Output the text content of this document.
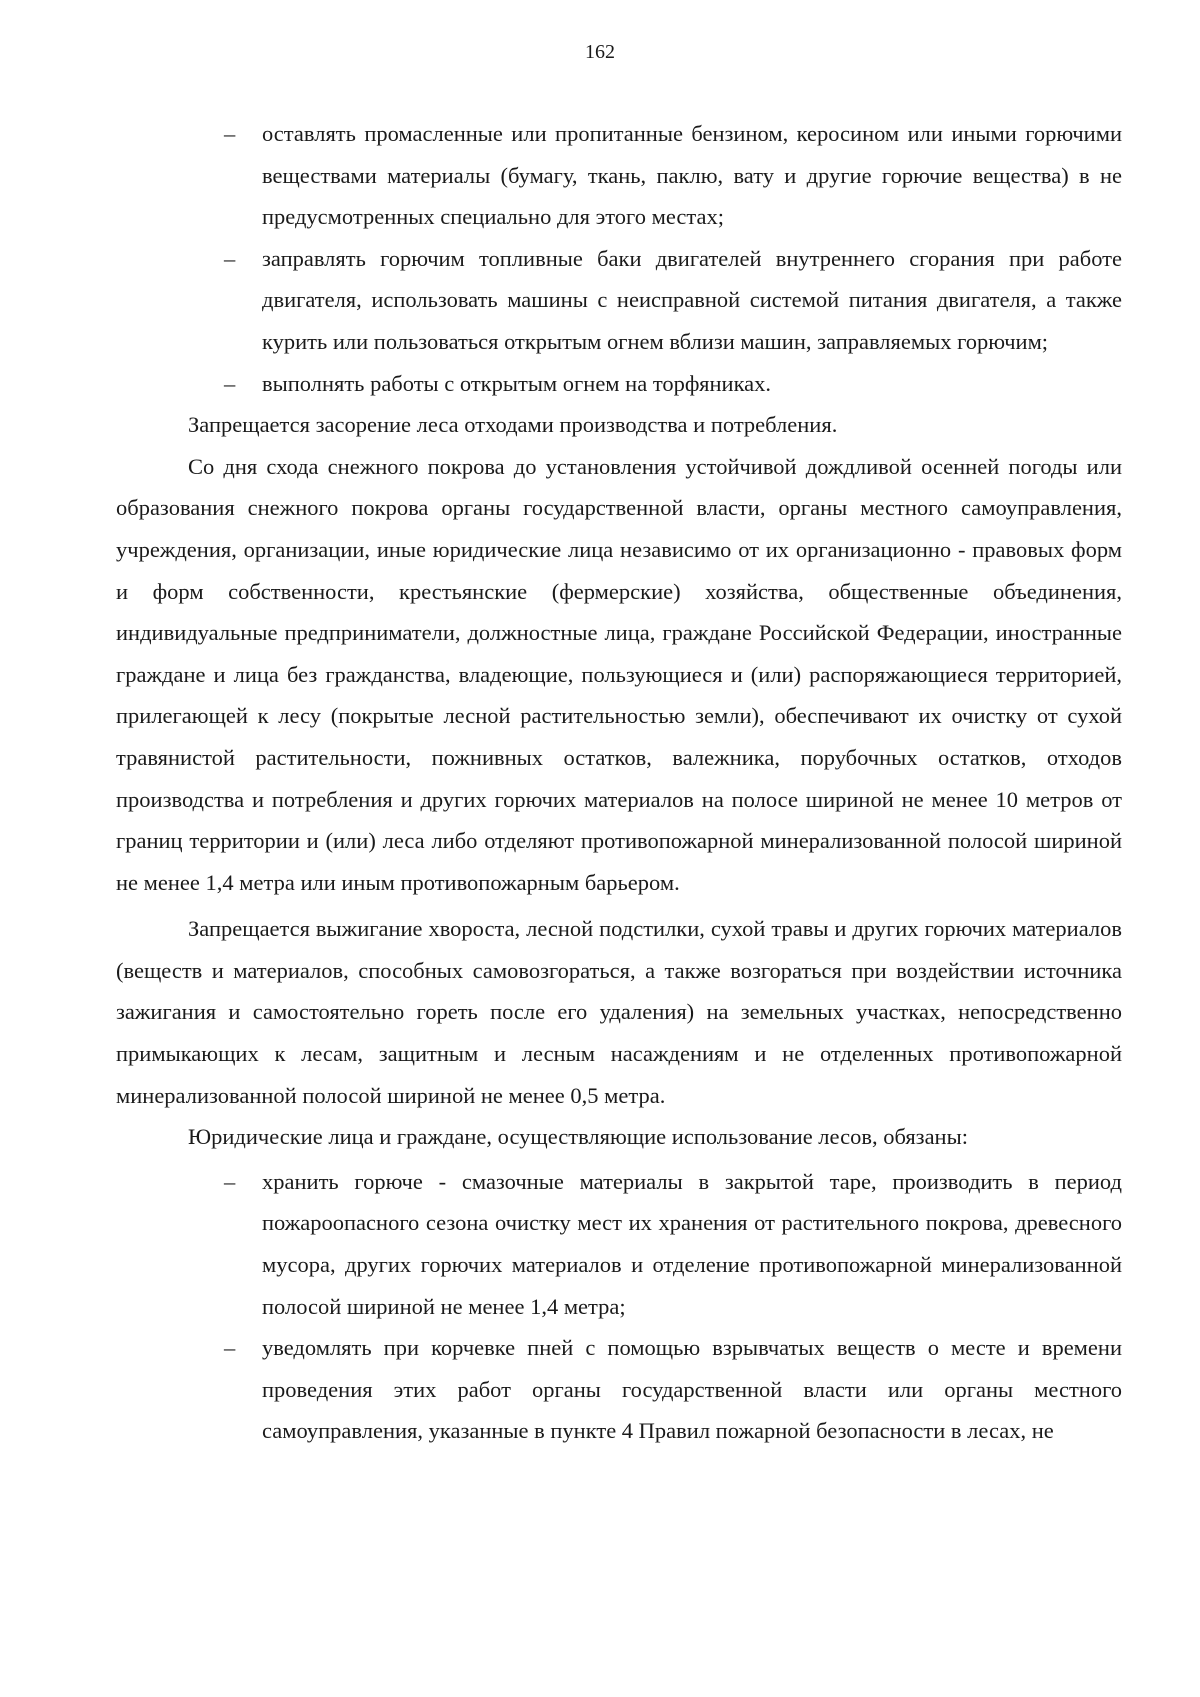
162
– оставлять промасленные или пропитанные бензином, керосином или иными горючими веществами материалы (бумагу, ткань, паклю, вату и другие горючие вещества) в не предусмотренных специально для этого местах;
– заправлять горючим топливные баки двигателей внутреннего сгорания при работе двигателя, использовать машины с неисправной системой питания двигателя, а также курить или пользоваться открытым огнем вблизи машин, заправляемых горючим;
– выполнять работы с открытым огнем на торфяниках.

Запрещается засорение леса отходами производства и потребления.

Со дня схода снежного покрова до установления устойчивой дождливой осенней погоды или образования снежного покрова органы государственной власти, органы местного самоуправления, учреждения, организации, иные юридические лица независимо от их организационно - правовых форм и форм собственности, крестьянские (фермерские) хозяйства, общественные объединения, индивидуальные предприниматели, должностные лица, граждане Российской Федерации, иностранные граждане и лица без гражданства, владеющие, пользующиеся и (или) распоряжающиеся территорией, прилегающей к лесу (покрытые лесной растительностью земли), обеспечивают их очистку от сухой травянистой растительности, пожнивных остатков, валежника, порубочных остатков, отходов производства и потребления и других горючих материалов на полосе шириной не менее 10 метров от границ территории и (или) леса либо отделяют противопожарной минерализованной полосой шириной не менее 1,4 метра или иным противопожарным барьером.

Запрещается выжигание хвороста, лесной подстилки, сухой травы и других горючих материалов (веществ и материалов, способных самовозгораться, а также возгораться при воздействии источника зажигания и самостоятельно гореть после его удаления) на земельных участках, непосредственно примыкающих к лесам, защитным и лесным насаждениям и не отделенных противопожарной минерализованной полосой шириной не менее 0,5 метра.

Юридические лица и граждане, осуществляющие использование лесов, обязаны:

– хранить горюче - смазочные материалы в закрытой таре, производить в период пожароопасного сезона очистку мест их хранения от растительного покрова, древесного мусора, других горючих материалов и отделение противопожарной минерализованной полосой шириной не менее 1,4 метра;
– уведомлять при корчевке пней с помощью взрывчатых веществ о месте и времени проведения этих работ органы государственной власти или органы местного самоуправления, указанные в пункте 4 Правил пожарной безопасности в лесах, не
